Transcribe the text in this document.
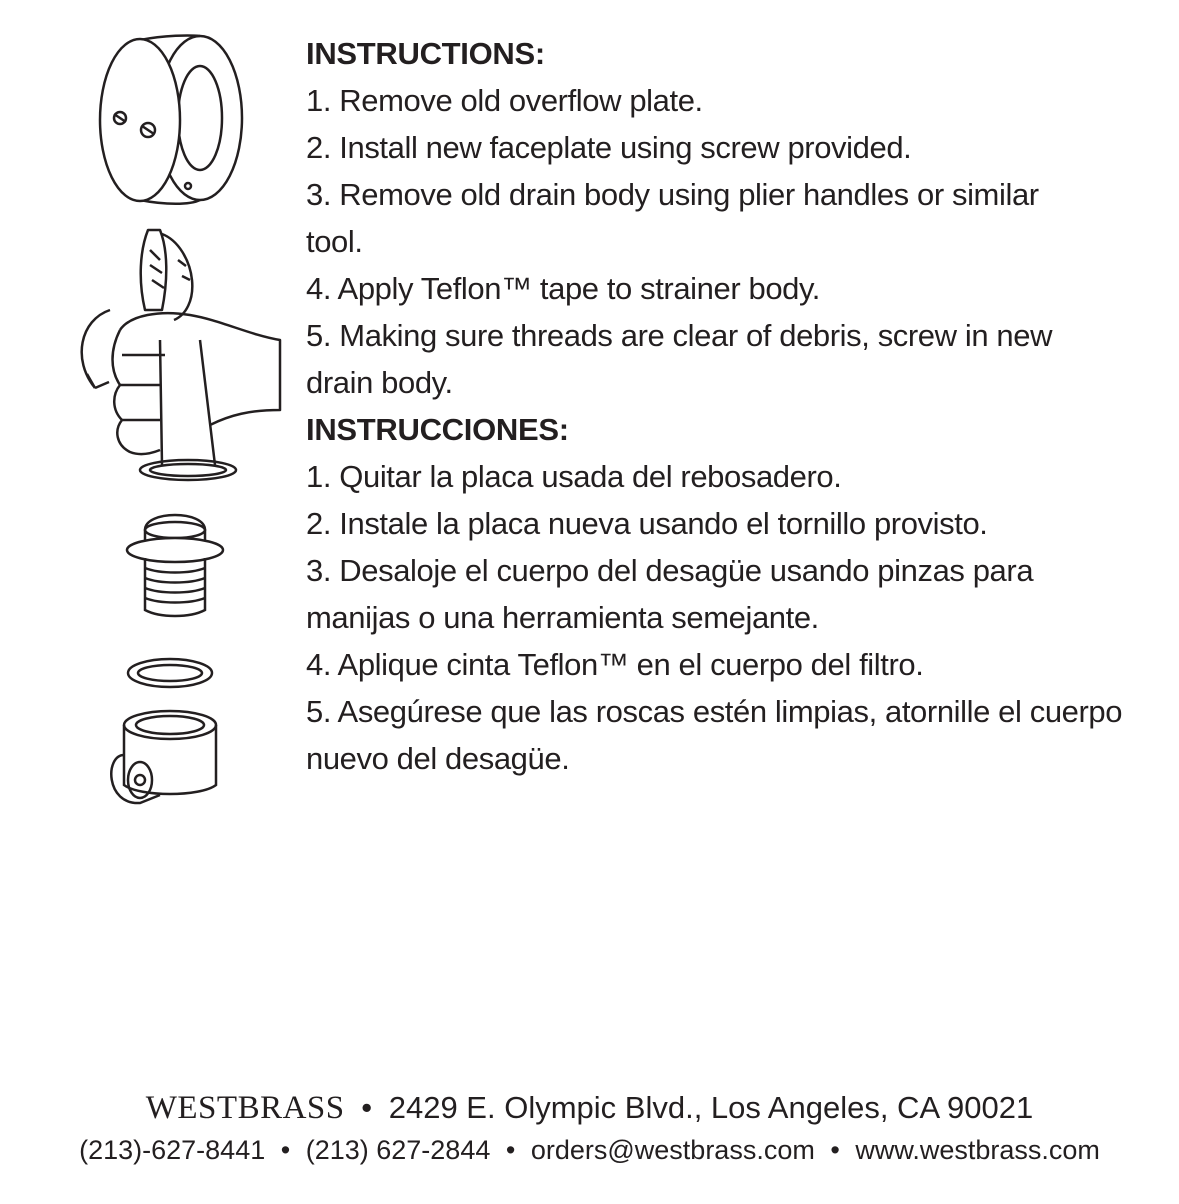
INSTRUCTIONS:
1. Remove old overflow plate.
2. Install new faceplate using screw provided.
3. Remove old drain body using plier handles or similar tool.
4. Apply Teflon™ tape to strainer body.
5. Making sure threads are clear of debris, screw in new drain body.
INSTRUCCIONES:
1. Quitar la placa usada del rebosadero.
2. Instale la placa nueva usando el tornillo provisto.
3. Desaloje el cuerpo del desagüe usando pinzas para manijas o una herramienta semejante.
4. Aplique cinta Teflon™ en el cuerpo del filtro.
5. Asegúrese que las roscas estén limpias, atornille el cuerpo nuevo del desagüe.
WESTBRASS • 2429 E. Olympic Blvd., Los Angeles, CA 90021
(213)-627-8441 • (213) 627-2844 • orders@westbrass.com • www.westbrass.com
